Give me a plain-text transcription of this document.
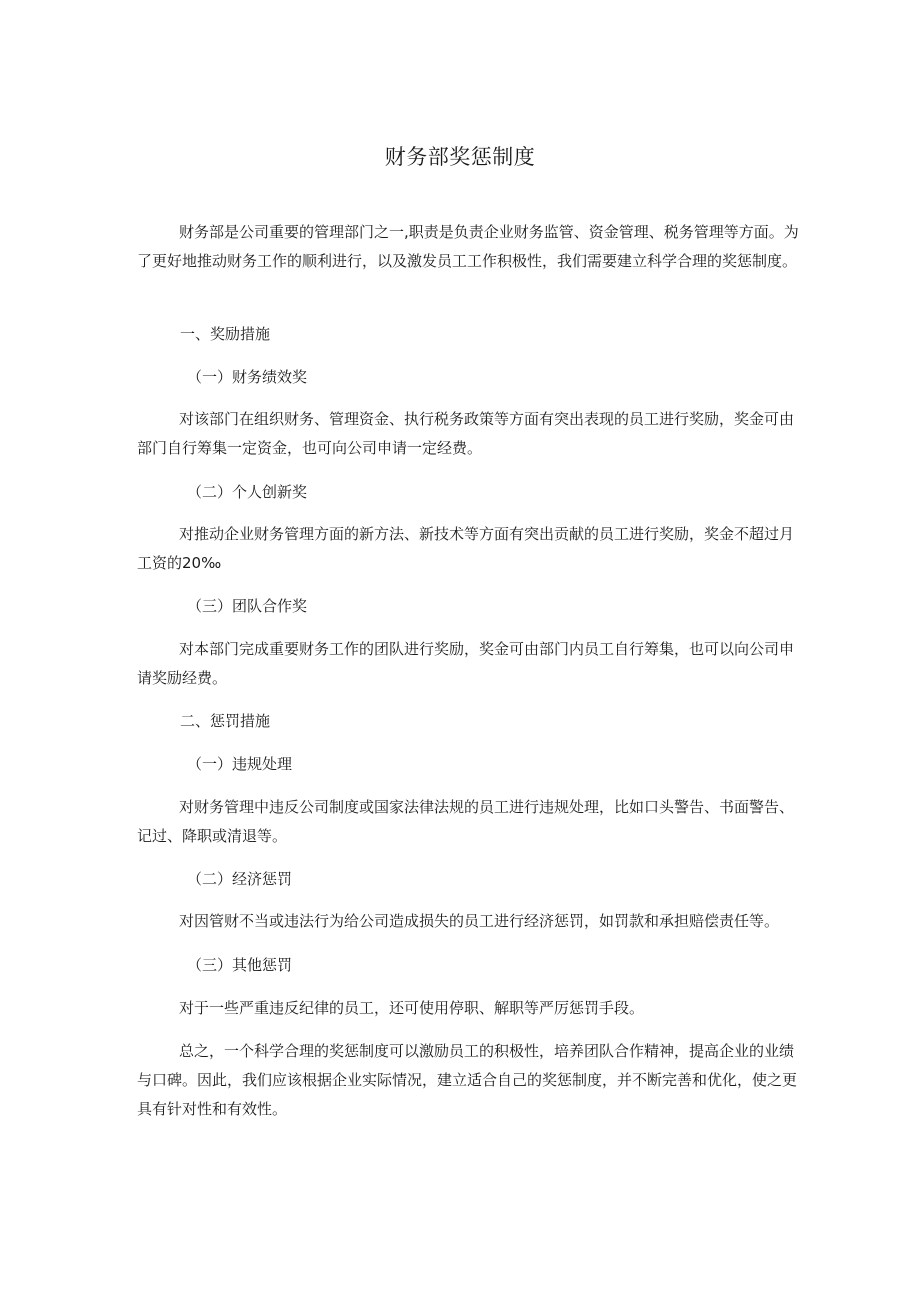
财务部奖惩制度

财务部是公司重要的管理部门之一,职责是负责企业财务监管、资金管理、税务管理等方面。为了更好地推动财务工作的顺利进行，以及激发员工工作积极性，我们需要建立科学合理的奖惩制度。

一、奖励措施

（一）财务绩效奖

对该部门在组织财务、管理资金、执行税务政策等方面有突出表现的员工进行奖励，奖金可由部门自行筹集一定资金，也可向公司申请一定经费。

（二）个人创新奖

对推动企业财务管理方面的新方法、新技术等方面有突出贡献的员工进行奖励，奖金不超过月工资的20‰

（三）团队合作奖

对本部门完成重要财务工作的团队进行奖励，奖金可由部门内员工自行筹集，也可以向公司申请奖励经费。

二、惩罚措施

（一）违规处理

对财务管理中违反公司制度或国家法律法规的员工进行违规处理，比如口头警告、书面警告、记过、降职或清退等。

（二）经济惩罚

对因管财不当或违法行为给公司造成损失的员工进行经济惩罚，如罚款和承担赔偿责任等。

（三）其他惩罚

对于一些严重违反纪律的员工，还可使用停职、解职等严厉惩罚手段。

总之，一个科学合理的奖惩制度可以激励员工的积极性，培养团队合作精神，提高企业的业绩与口碑。因此，我们应该根据企业实际情况，建立适合自己的奖惩制度，并不断完善和优化，使之更具有针对性和有效性。
